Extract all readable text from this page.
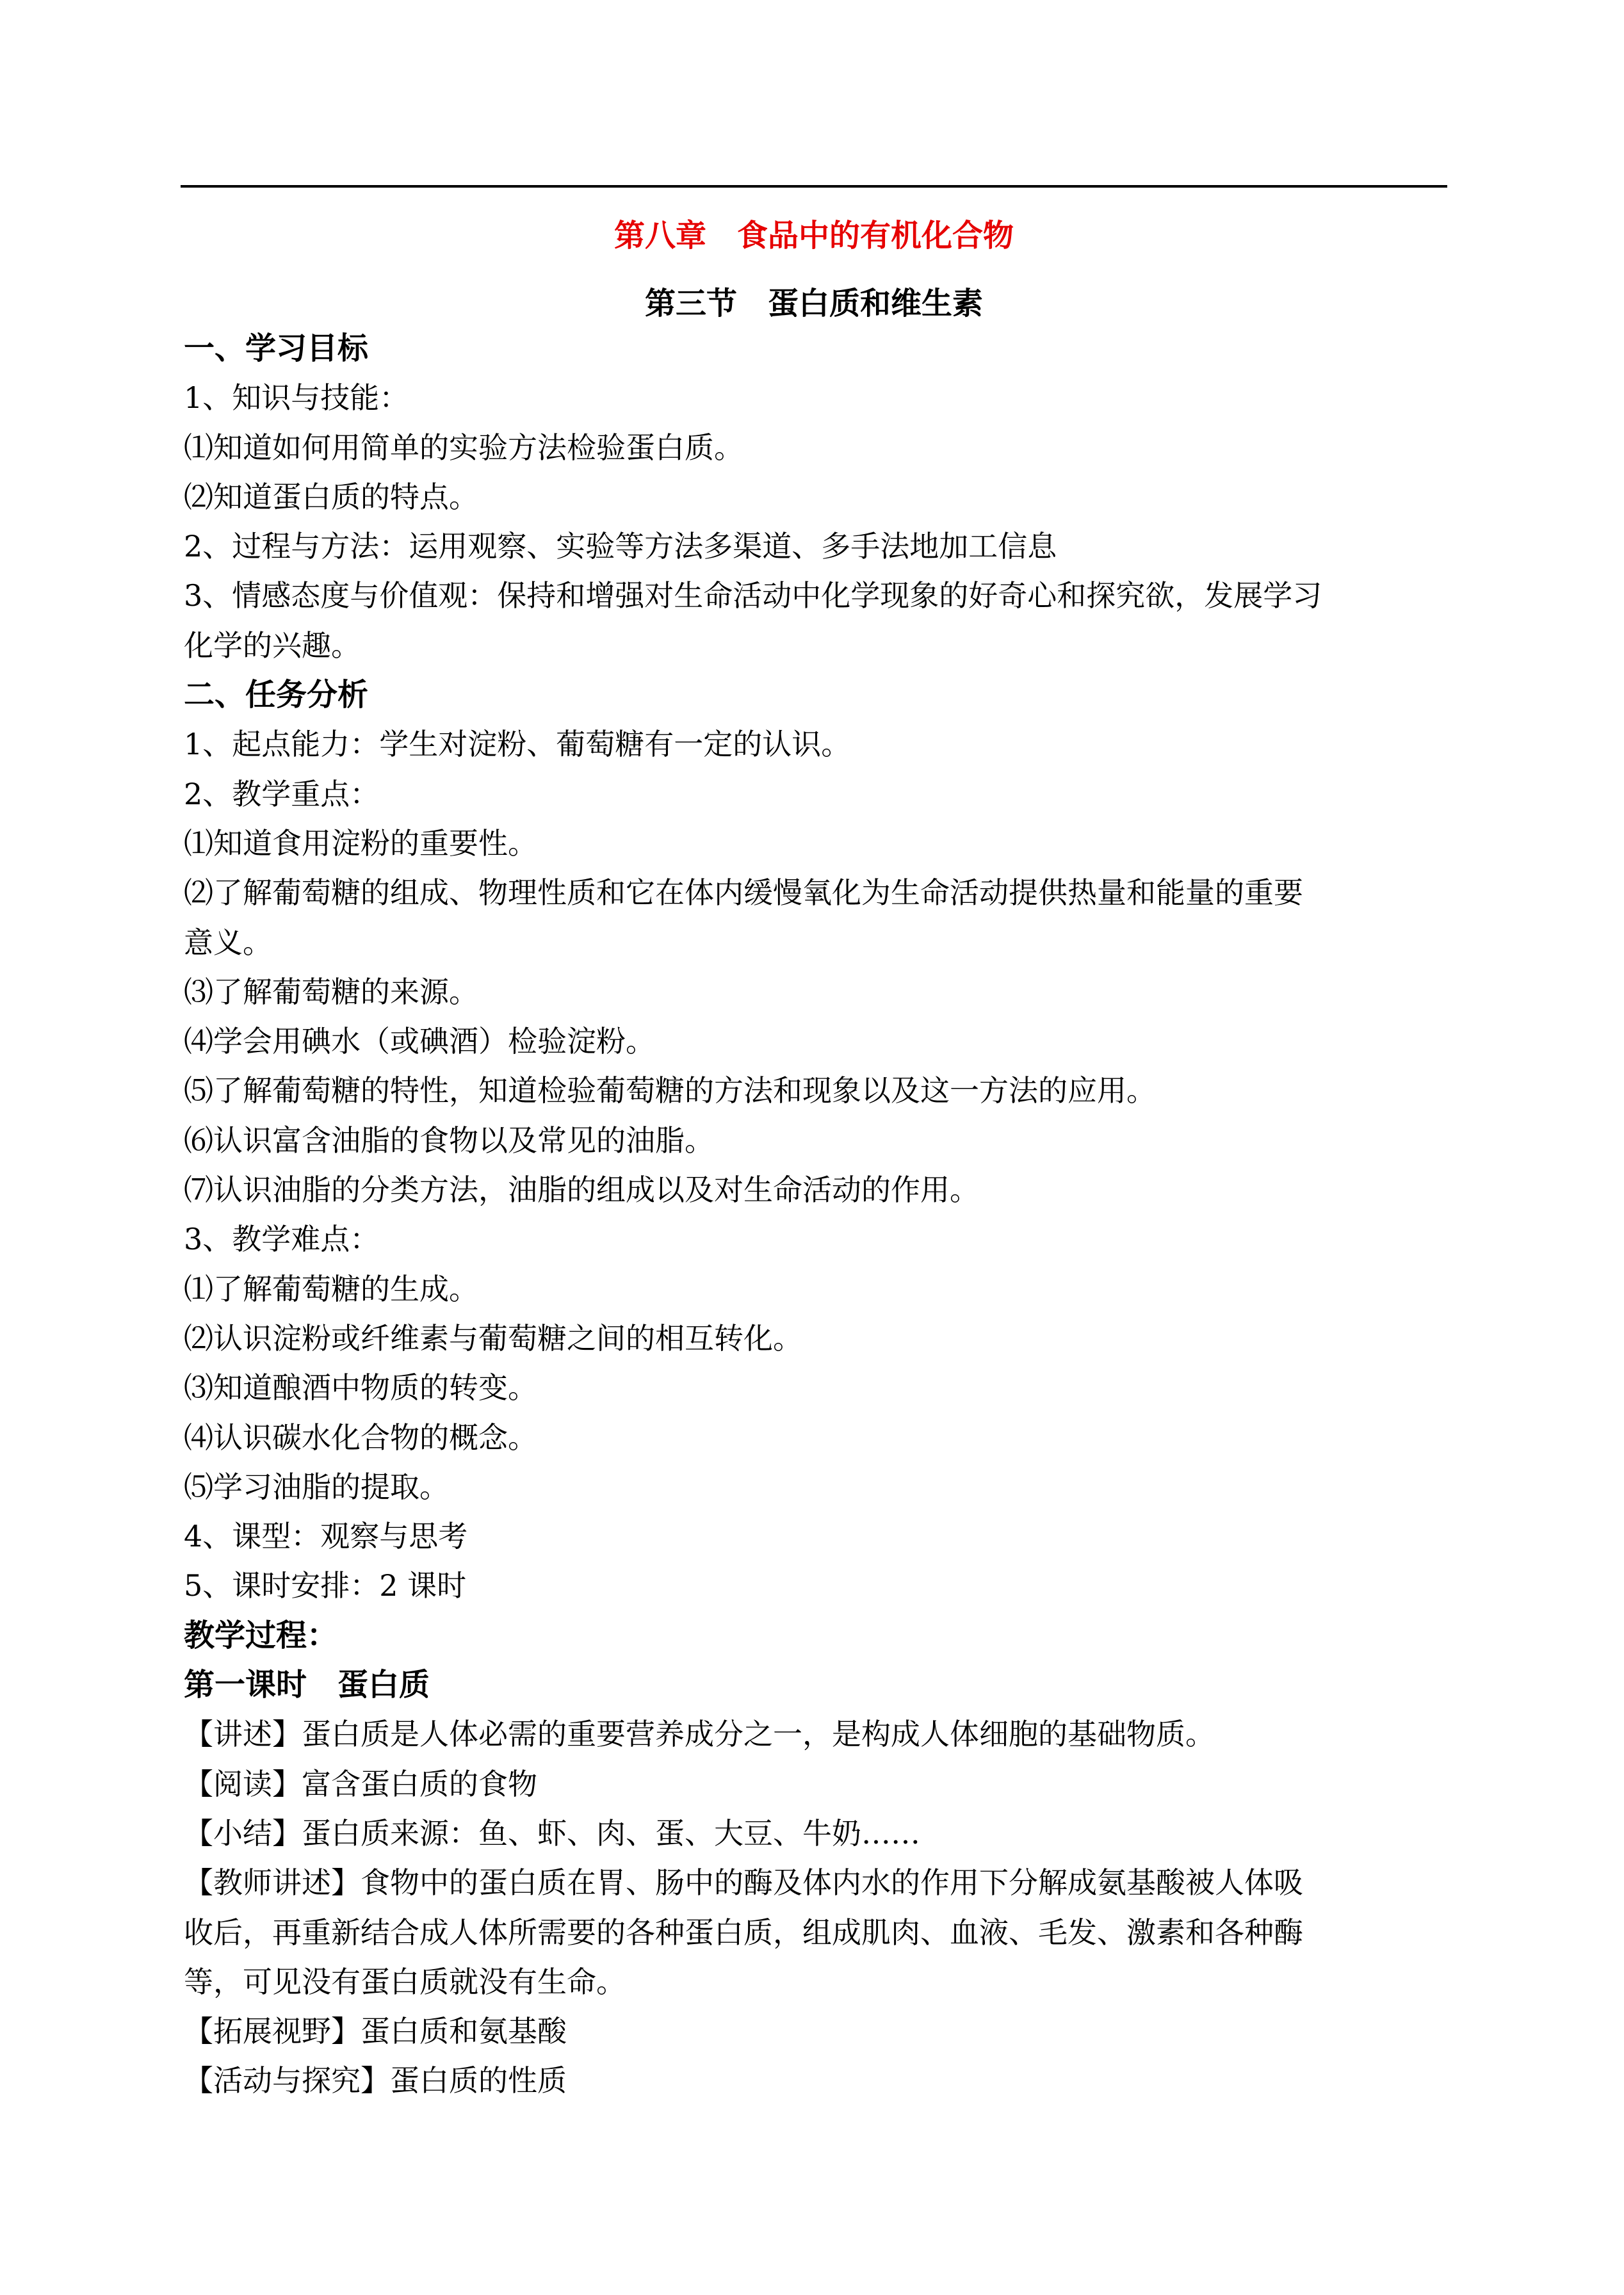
第八章　食品中的有机化合物
第三节　蛋白质和维生素
一、学习目标
1、知识与技能：
⑴知道如何用简单的实验方法检验蛋白质。
⑵知道蛋白质的特点。
2、过程与方法：运用观察、实验等方法多渠道、多手法地加工信息
3、情感态度与价值观：保持和增强对生命活动中化学现象的好奇心和探究欲，发展学习
化学的兴趣。
二、任务分析
1、起点能力：学生对淀粉、葡萄糖有一定的认识。
2、教学重点：
⑴知道食用淀粉的重要性。
⑵了解葡萄糖的组成、物理性质和它在体内缓慢氧化为生命活动提供热量和能量的重要
意义。
⑶了解葡萄糖的来源。
⑷学会用碘水（或碘酒）检验淀粉。
⑸了解葡萄糖的特性，知道检验葡萄糖的方法和现象以及这一方法的应用。
⑹认识富含油脂的食物以及常见的油脂。
⑺认识油脂的分类方法，油脂的组成以及对生命活动的作用。
3、教学难点：
⑴了解葡萄糖的生成。
⑵认识淀粉或纤维素与葡萄糖之间的相互转化。
⑶知道酿酒中物质的转变。
⑷认识碳水化合物的概念。
⑸学习油脂的提取。
4、课型：观察与思考
5、课时安排：2 课时
教学过程：
第一课时　蛋白质
【讲述】蛋白质是人体必需的重要营养成分之一，是构成人体细胞的基础物质。
【阅读】富含蛋白质的食物
【小结】蛋白质来源：鱼、虾、肉、蛋、大豆、牛奶……
【教师讲述】食物中的蛋白质在胃、肠中的酶及体内水的作用下分解成氨基酸被人体吸
收后，再重新结合成人体所需要的各种蛋白质，组成肌肉、血液、毛发、激素和各种酶
等，可见没有蛋白质就没有生命。
【拓展视野】蛋白质和氨基酸
【活动与探究】蛋白质的性质
